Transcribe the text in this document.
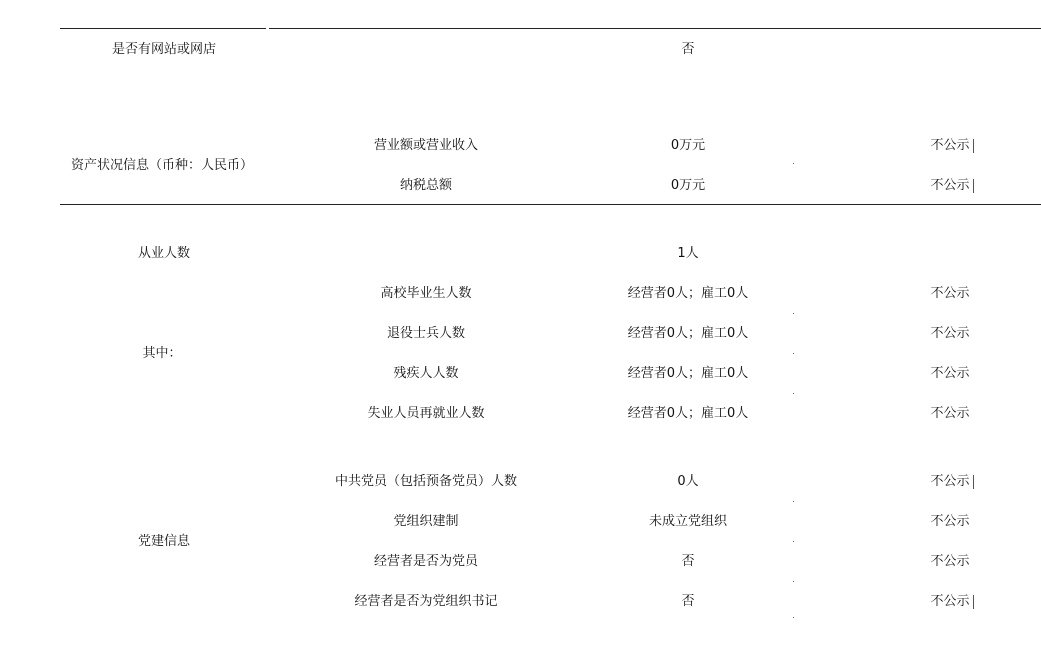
是否有网站或网店	否
资产状况信息（币种：人民币）
营业额或营业收入	0万元	不公示
纳税总额	0万元	不公示
从业人数	1人
其中：
高校毕业生人数	经营者0人；雇工0人	不公示
退役士兵人数	经营者0人；雇工0人	不公示
残疾人人数	经营者0人；雇工0人	不公示
失业人员再就业人数	经营者0人；雇工0人	不公示
党建信息
中共党员（包括预备党员）人数	0人	不公示
党组织建制	未成立党组织	不公示
经营者是否为党员	否	不公示
经营者是否为党组织书记	否	不公示
